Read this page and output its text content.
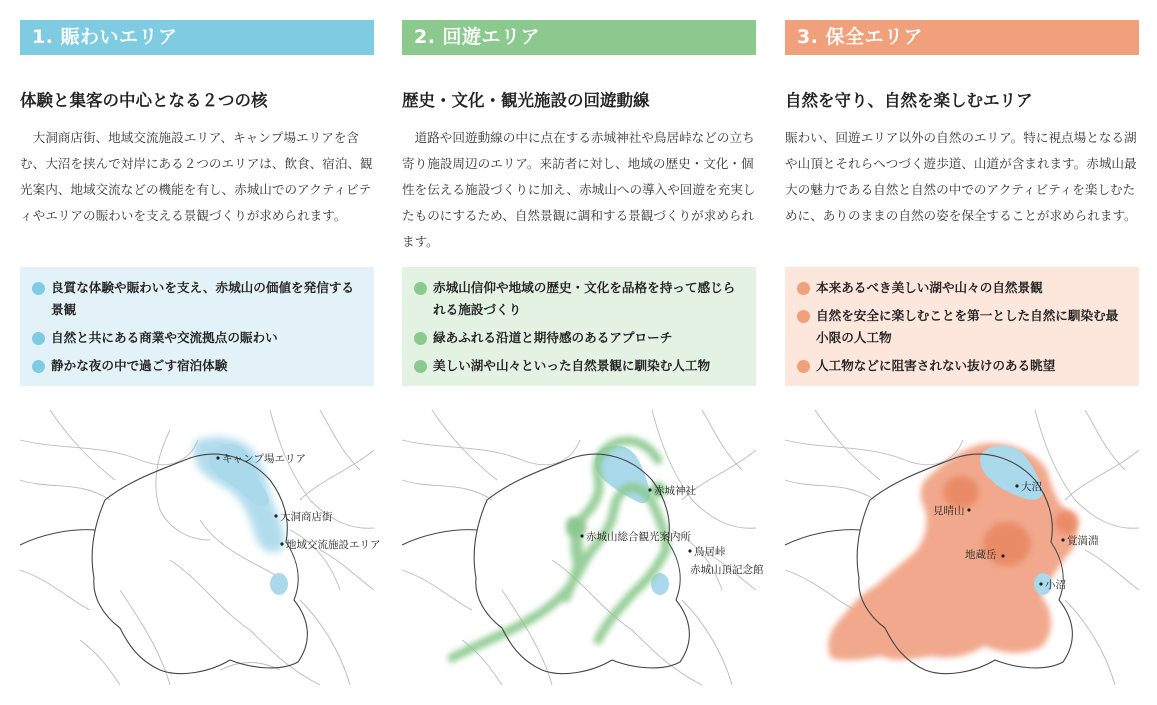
1. 賑わいエリア
体験と集客の中心となる２つの核
大洞商店街、地域交流施設エリア、キャンプ場エリアを含む、大沼を挟んで対岸にある２つのエリアは、飲食、宿泊、観光案内、地域交流などの機能を有し、赤城山でのアクティビティやエリアの賑わいを支える景観づくりが求められます。
良質な体験や賑わいを支え、赤城山の価値を発信する景観
自然と共にある商業や交流拠点の賑わい
静かな夜の中で過ごす宿泊体験
キャンプ場エリア
大洞商店街
地域交流施設エリア
2. 回遊エリア
歴史・文化・観光施設の回遊動線
道路や回遊動線の中に点在する赤城神社や鳥居峠などの立ち寄り施設周辺のエリア。来訪者に対し、地域の歴史・文化・個性を伝える施設づくりに加え、赤城山への導入や回遊を充実したものにするため、自然景観に調和する景観づくりが求められます。
赤城山信仰や地域の歴史・文化を品格を持って感じられる施設づくり
緑あふれる沿道と期待感のあるアプローチ
美しい湖や山々といった自然景観に馴染む人工物
赤城神社
赤城山総合観光案内所
鳥居峠
赤城山頂記念館
3. 保全エリア
自然を守り、自然を楽しむエリア
賑わい、回遊エリア以外の自然のエリア。特に視点場となる湖や山頂とそれらへつづく遊歩道、山道が含まれます。赤城山最大の魅力である自然と自然の中でのアクティビティを楽しむために、ありのままの自然の姿を保全することが求められます。
本来あるべき美しい湖や山々の自然景観
自然を安全に楽しむことを第一とした自然に馴染む最小限の人工物
人工物などに阻害されない抜けのある眺望
大沼
見晴山
覚満淵
地蔵岳
小沼
